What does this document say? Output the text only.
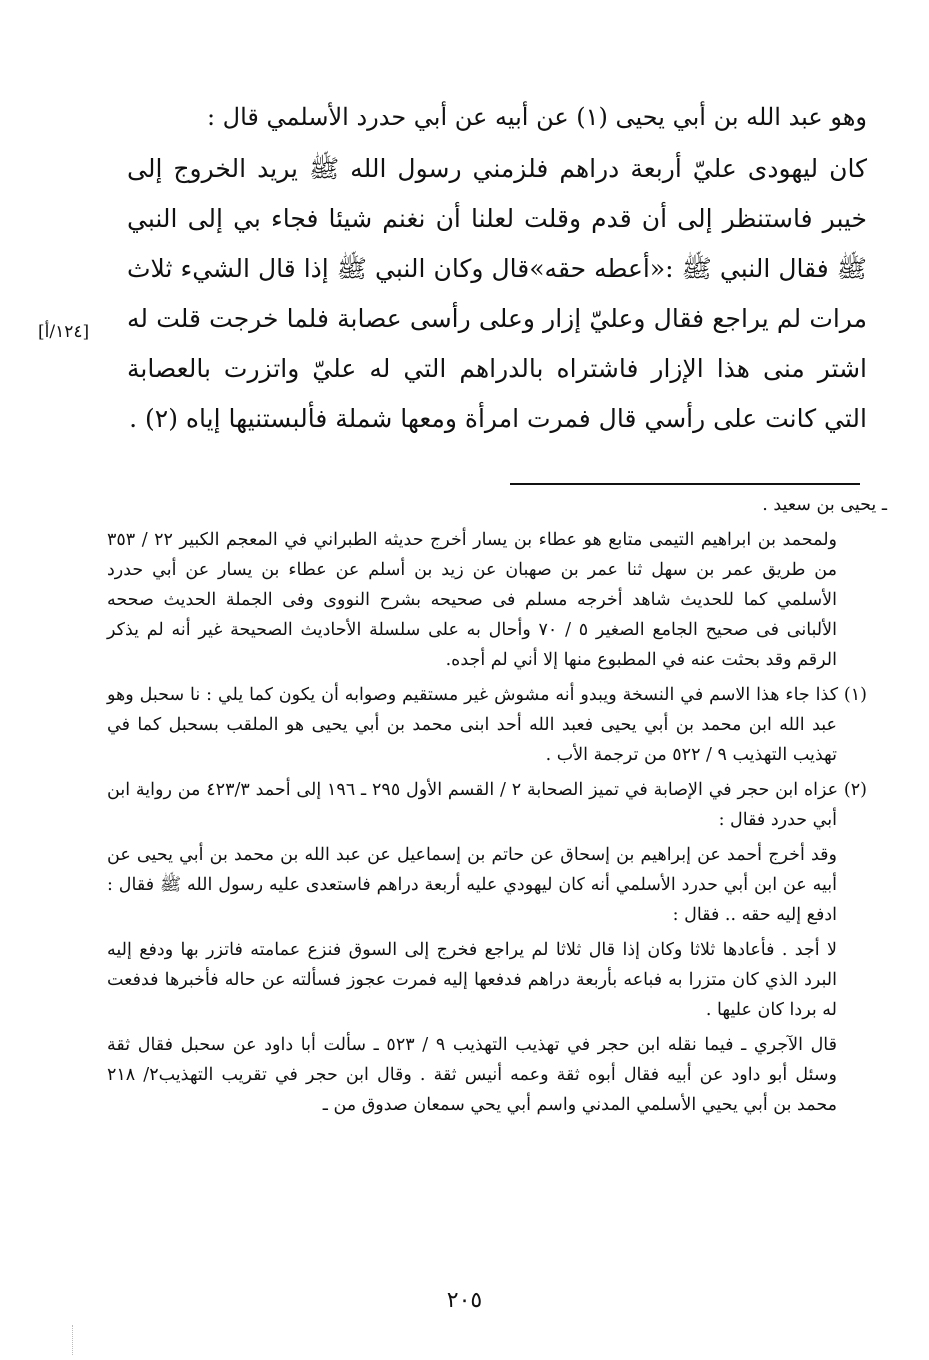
وهو عبد الله بن أبي يحيى (١) عن أبيه عن أبي حدرد الأسلمي قال :

كان ليهودى عليّ أربعة دراهم فلزمني رسول الله ﷺ يريد الخروج إلى خيبر فاستنظر إلى أن قدم وقلت لعلنا أن نغنم شيئا فجاء بي إلى النبي ﷺ فقال النبي ﷺ :«أعطه حقه»قال وكان النبي ﷺ إذا قال الشيء ثلاث مرات لم يراجع فقال وعليّ إزار وعلى رأسى عصابة فلما خرجت قلت له اشتر منى هذا الإزار فاشتراه بالدراهم التي له عليّ واتزرت بالعصابة التي كانت على رأسي قال فمرت امرأة ومعها شملة فألبستنيها إياه (٢) .

[١٢٤/أ]

ـ يحيى بن سعيد .

ولمحمد بن ابراهيم التيمى متابع هو عطاء بن يسار أخرج حديثه الطبراني في المعجم الكبير ٢٢ / ٣٥٣ من طريق عمر بن سهل ثنا عمر بن صهبان عن زيد بن أسلم عن عطاء بن يسار عن أبي حدرد الأسلمي كما للحديث شاهد أخرجه مسلم فى صحيحه بشرح النووى وفى الجملة الحديث صححه الألبانى فى صحيح الجامع الصغير ٥ / ٧٠ وأحال به على سلسلة الأحاديث الصحيحة غير أنه لم يذكر الرقم وقد بحثت عنه في المطبوع منها إلا أني لم أجده.

(١) كذا جاء هذا الاسم في النسخة ويبدو أنه مشوش غير مستقيم وصوابه أن يكون كما يلي : نا سحبل وهو عبد الله ابن محمد بن أبي يحيى فعبد الله أحد ابنى محمد بن أبي يحيى هو الملقب بسحبل كما في تهذيب التهذيب ٩ / ٥٢٢ من ترجمة الأب .

(٢) عزاه ابن حجر في الإصابة في تميز الصحابة ٢ / القسم الأول ٢٩٥ ـ ١٩٦ إلى أحمد ٤٢٣/٣ من رواية ابن أبي حدرد فقال :

وقد أخرج أحمد عن إبراهيم بن إسحاق عن حاتم بن إسماعيل عن عبد الله بن محمد بن أبي يحيى عن أبيه عن ابن أبي حدرد الأسلمي أنه كان ليهودي عليه أربعة دراهم فاستعدى عليه رسول الله ﷺ فقال : ادفع إليه حقه .. فقال :

لا أجد . فأعادها ثلاثا وكان إذا قال ثلاثا لم يراجع فخرج إلى السوق فنزع عمامته فاتزر بها ودفع إليه البرد الذي كان متزرا به فباعه بأربعة دراهم فدفعها إليه فمرت عجوز فسألته عن حاله فأخبرها فدفعت له بردا كان عليها .

قال الآجري ـ فيما نقله ابن حجر في تهذيب التهذيب ٩ / ٥٢٣ ـ سألت أبا داود عن سحبل فقال ثقة وسئل أبو داود عن أبيه فقال أبوه ثقة وعمه أنيس ثقة . وقال ابن حجر في تقريب التهذيب٢/ ٢١٨ محمد بن أبي يحيي الأسلمي المدني واسم أبي يحي سمعان صدوق من ـ

٢٠٥
